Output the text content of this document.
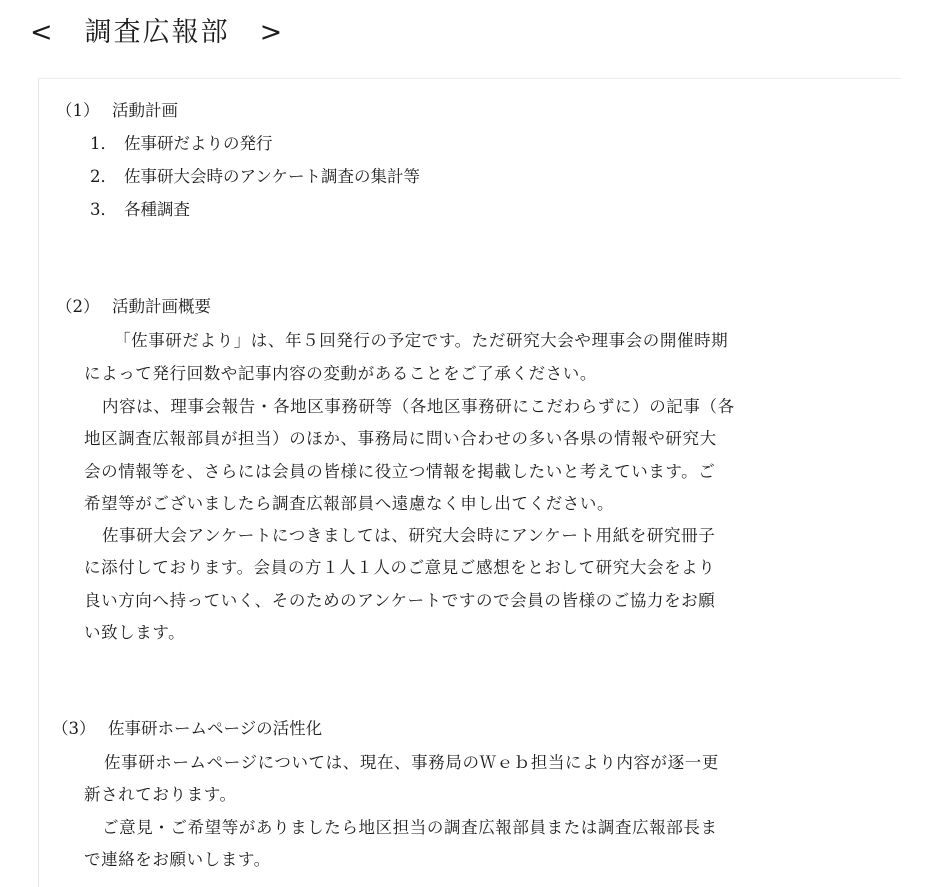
< 調査広報部 >
（1） 活動計画
1． 佐事研だよりの発行
2． 佐事研大会時のアンケート調査の集計等
3． 各種調査
（2） 活動計画概要
「佐事研だより」は、年５回発行の予定です。ただ研究大会や理事会の開催時期
によって発行回数や記事内容の変動があることをご了承ください。
内容は、理事会報告・各地区事務研等（各地区事務研にこだわらずに）の記事（各
地区調査広報部員が担当）のほか、事務局に問い合わせの多い各県の情報や研究大
会の情報等を、さらには会員の皆様に役立つ情報を掲載したいと考えています。ご
希望等がございましたら調査広報部員へ遠慮なく申し出てください。
佐事研大会アンケートにつきましては、研究大会時にアンケート用紙を研究冊子
に添付しております。会員の方１人１人のご意見ご感想をとおして研究大会をより
良い方向へ持っていく、そのためのアンケートですので会員の皆様のご協力をお願
い致します。
（3） 佐事研ホームページの活性化
佐事研ホームページについては、現在、事務局のＷｅｂ担当により内容が逐一更
新されております。
ご意見・ご希望等がありましたら地区担当の調査広報部員または調査広報部長ま
で連絡をお願いします。
